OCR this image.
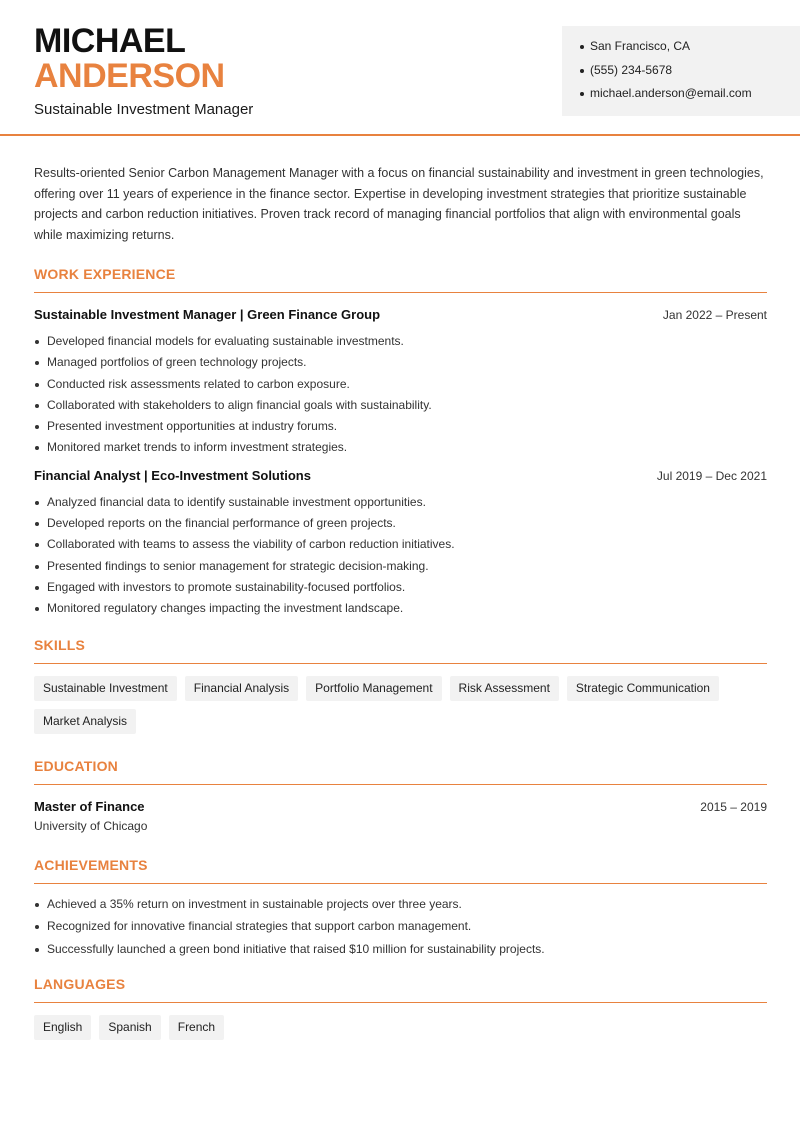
MICHAEL
ANDERSON
Sustainable Investment Manager
San Francisco, CA
(555) 234-5678
michael.anderson@email.com

Results-oriented Senior Carbon Management Manager with a focus on financial sustainability and investment in green technologies, offering over 11 years of experience in the finance sector. Expertise in developing investment strategies that prioritize sustainable projects and carbon reduction initiatives. Proven track record of managing financial portfolios that align with environmental goals while maximizing returns.

WORK EXPERIENCE
Sustainable Investment Manager | Green Finance Group	Jan 2022 – Present
Developed financial models for evaluating sustainable investments.
Managed portfolios of green technology projects.
Conducted risk assessments related to carbon exposure.
Collaborated with stakeholders to align financial goals with sustainability.
Presented investment opportunities at industry forums.
Monitored market trends to inform investment strategies.
Financial Analyst | Eco-Investment Solutions	Jul 2019 – Dec 2021
Analyzed financial data to identify sustainable investment opportunities.
Developed reports on the financial performance of green projects.
Collaborated with teams to assess the viability of carbon reduction initiatives.
Presented findings to senior management for strategic decision-making.
Engaged with investors to promote sustainability-focused portfolios.
Monitored regulatory changes impacting the investment landscape.
SKILLS
Sustainable Investment	Financial Analysis	Portfolio Management	Risk Assessment	Strategic Communication
Market Analysis
EDUCATION
Master of Finance	2015 – 2019
University of Chicago
ACHIEVEMENTS
Achieved a 35% return on investment in sustainable projects over three years.
Recognized for innovative financial strategies that support carbon management.
Successfully launched a green bond initiative that raised $10 million for sustainability projects.
LANGUAGES
English	Spanish	French
